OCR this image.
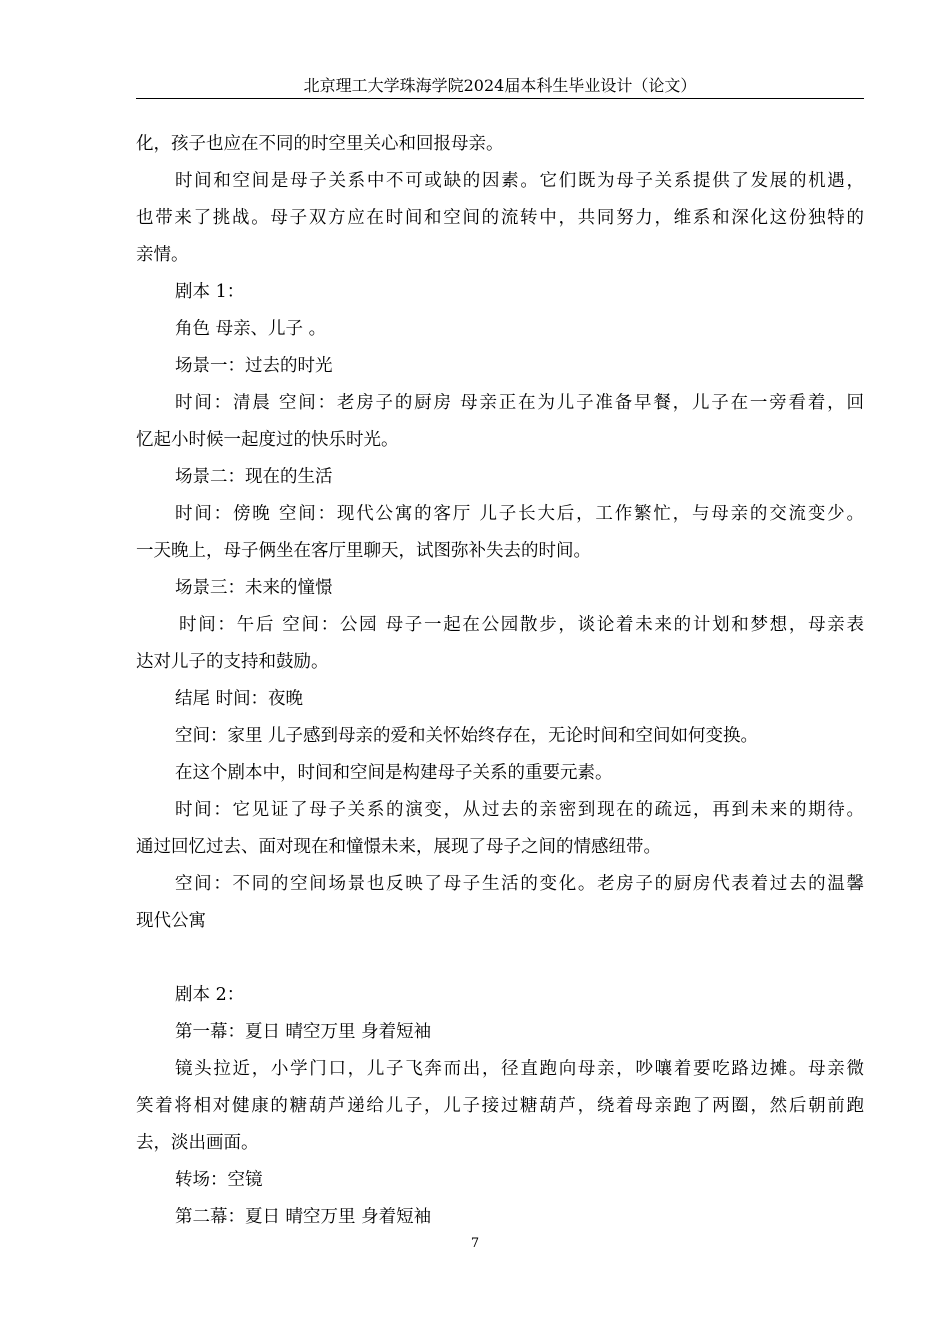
北京理工大学珠海学院2024届本科生毕业设计（论文）
化，孩子也应在不同的时空里关心和回报母亲。
时间和空间是母子关系中不可或缺的因素。它们既为母子关系提供了发展的机遇，
也带来了挑战。母子双方应在时间和空间的流转中，共同努力，维系和深化这份独特的
亲情。
剧本 1：
角色 母亲、儿子 。
场景一：过去的时光
时间：清晨 空间：老房子的厨房 母亲正在为儿子准备早餐，儿子在一旁看着，回
忆起小时候一起度过的快乐时光。
场景二：现在的生活
时间：傍晚 空间：现代公寓的客厅 儿子长大后，工作繁忙，与母亲的交流变少。
一天晚上，母子俩坐在客厅里聊天，试图弥补失去的时间。
场景三：未来的憧憬
时间：午后 空间：公园 母子一起在公园散步，谈论着未来的计划和梦想，母亲表
达对儿子的支持和鼓励。
结尾 时间：夜晚
空间：家里 儿子感到母亲的爱和关怀始终存在，无论时间和空间如何变换。
在这个剧本中，时间和空间是构建母子关系的重要元素。
时间：它见证了母子关系的演变，从过去的亲密到现在的疏远，再到未来的期待。
通过回忆过去、面对现在和憧憬未来，展现了母子之间的情感纽带。
空间：不同的空间场景也反映了母子生活的变化。老房子的厨房代表着过去的温馨
现代公寓
剧本 2：
第一幕：夏日 晴空万里 身着短袖
镜头拉近，小学门口，儿子飞奔而出，径直跑向母亲，吵嚷着要吃路边摊。母亲微
笑着将相对健康的糖葫芦递给儿子，儿子接过糖葫芦，绕着母亲跑了两圈，然后朝前跑
去，淡出画面。
转场：空镜
第二幕：夏日 晴空万里 身着短袖
7
